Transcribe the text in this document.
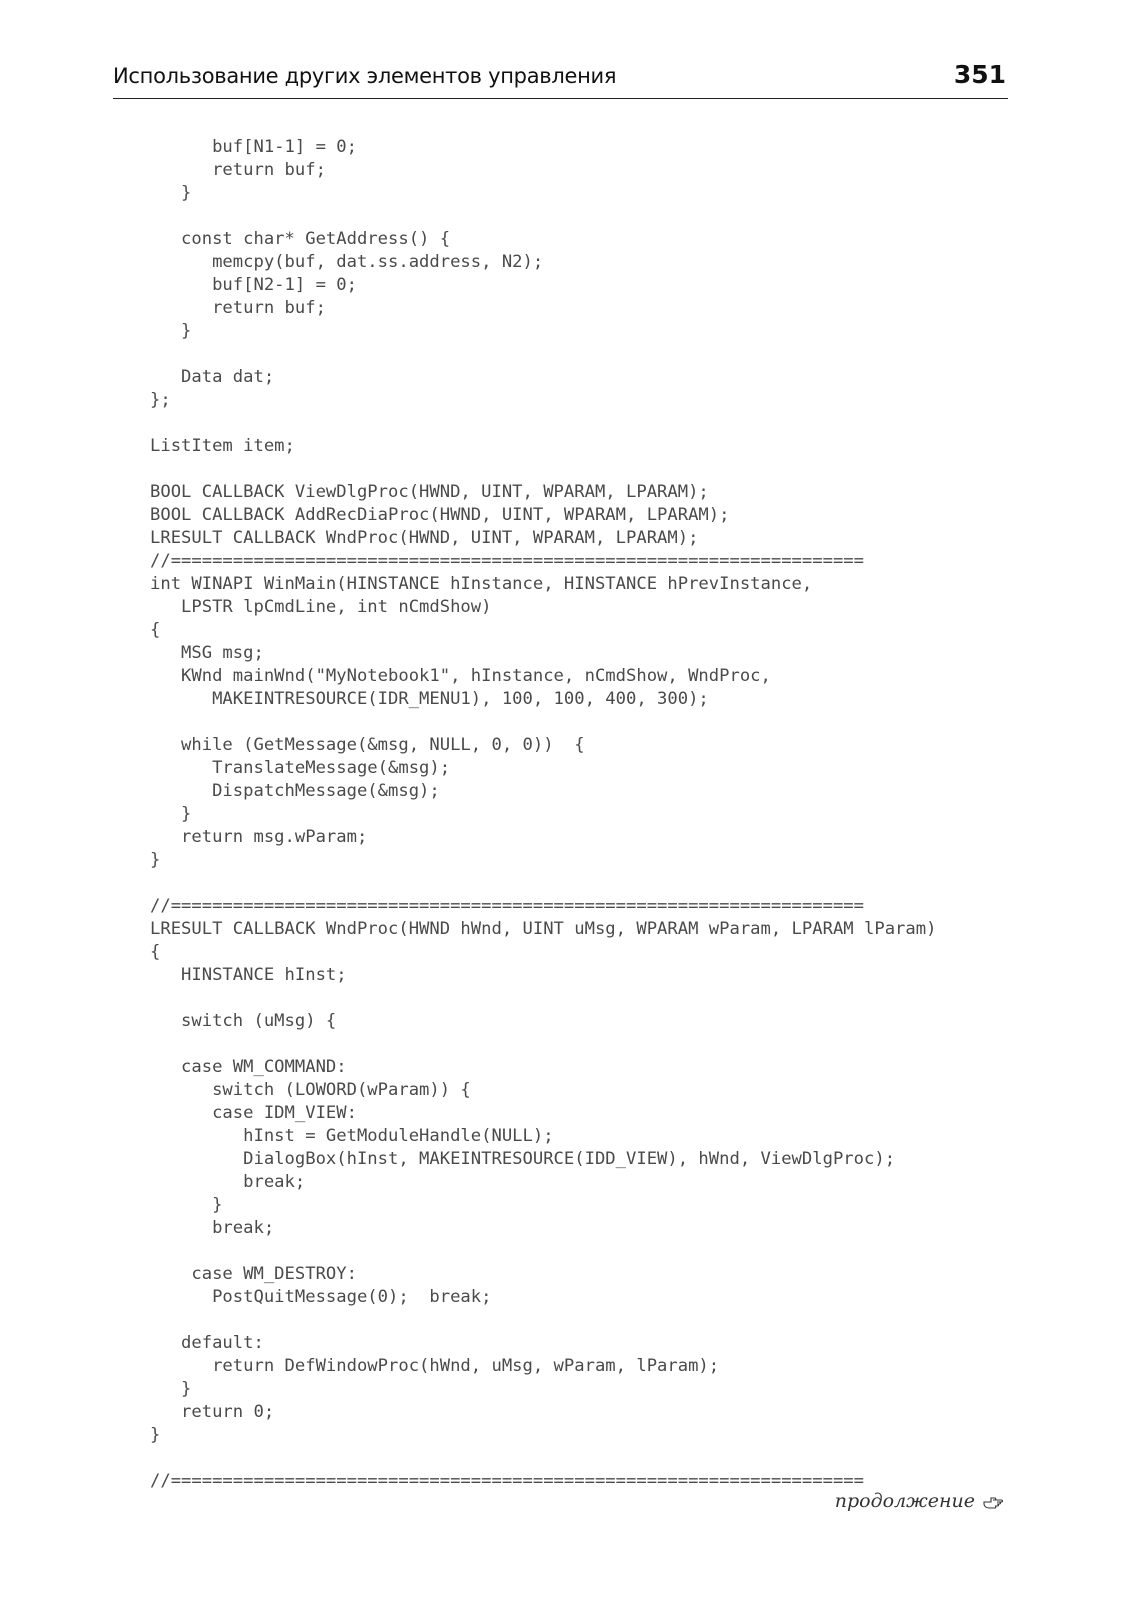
Использование других элементов управления	351
buf[N1-1] = 0;
return buf;
}

const char* GetAddress() {
memcpy(buf, dat.ss.address, N2);
buf[N2-1] = 0;
return buf;
}

Data dat;
};

ListItem item;

BOOL CALLBACK ViewDlgProc(HWND, UINT, WPARAM, LPARAM);
BOOL CALLBACK AddRecDiaProc(HWND, UINT, WPARAM, LPARAM);
LRESULT CALLBACK WndProc(HWND, UINT, WPARAM, LPARAM);
//===================================================================
int WINAPI WinMain(HINSTANCE hInstance, HINSTANCE hPrevInstance,
LPSTR lpCmdLine, int nCmdShow)
{
MSG msg;
KWnd mainWnd("MyNotebook1", hInstance, nCmdShow, WndProc,
MAKEINTRESOURCE(IDR_MENU1), 100, 100, 400, 300);

while (GetMessage(&msg, NULL, 0, 0))  {
TranslateMessage(&msg);
DispatchMessage(&msg);
}
return msg.wParam;
}

//===================================================================
LRESULT CALLBACK WndProc(HWND hWnd, UINT uMsg, WPARAM wParam, LPARAM lParam)
{
HINSTANCE hInst;

switch (uMsg) {

case WM_COMMAND:
switch (LOWORD(wParam)) {
case IDM_VIEW:
hInst = GetModuleHandle(NULL);
DialogBox(hInst, MAKEINTRESOURCE(IDD_VIEW), hWnd, ViewDlgProc);
break;
}
break;

case WM_DESTROY:
PostQuitMessage(0);  break;

default:
return DefWindowProc(hWnd, uMsg, wParam, lParam);
}
return 0;
}

//===================================================================
продолжение
